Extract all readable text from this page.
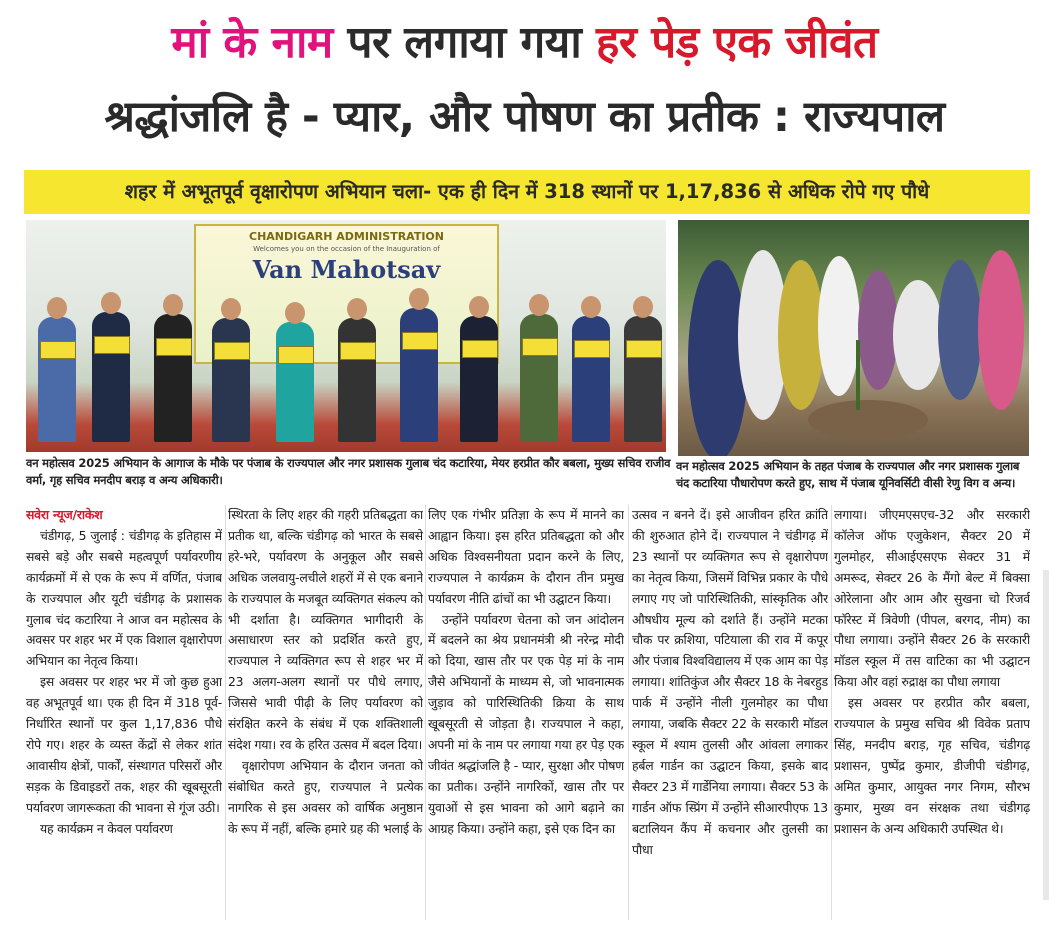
मां के नाम पर लगाया गया हर पेड़ एक जीवंत
श्रद्धांजलि है - प्यार, और पोषण का प्रतीक : राज्यपाल
शहर में अभूतपूर्व वृक्षारोपण अभियान चला- एक ही दिन में 318 स्थानों पर 1,17,836 से अधिक रोपे गए पौधे
CHANDIGARH ADMINISTRATION
Welcomes you on the occasion of the Inauguration of
Van Mahotsav
वन महोत्सव 2025 अभियान के आगाज के मौके पर पंजाब के राज्यपाल और नगर प्रशासक गुलाब चंद कटारिया, मेयर हरप्रीत कौर बबला, मुख्य सचिव राजीव वर्मा, गृह सचिव मनदीप बराड़ व अन्य अधिकारी।
वन महोत्सव 2025 अभियान के तहत पंजाब के राज्यपाल और नगर प्रशासक गुलाब चंद कटारिया पौधारोपण करते हुए, साथ में पंजाब यूनिवर्सिटी वीसी रेणु विग व अन्य।

सवेरा न्यूज/राकेश

चंडीगढ़, 5 जुलाई : चंडीगढ़ के इतिहास में सबसे बड़े और सबसे महत्वपूर्ण पर्यावरणीय कार्यक्रमों में से एक के रूप में वर्णित, पंजाब के राज्यपाल और यूटी चंडीगढ़ के प्रशासक गुलाब चंद कटारिया ने आज वन महोत्सव के अवसर पर शहर भर में एक विशाल वृक्षारोपण अभियान का नेतृत्व किया।

इस अवसर पर शहर भर में जो कुछ हुआ वह अभूतपूर्व था। एक ही दिन में 318 पूर्व-निर्धारित स्थानों पर कुल 1,17,836 पौधे रोपे गए। शहर के व्यस्त केंद्रों से लेकर शांत आवासीय क्षेत्रों, पार्कों, संस्थागत परिसरों और सड़क के डिवाइडरों तक, शहर की खूबसूरती पर्यावरण जागरूकता की भावना से गूंज उठी।

यह कार्यक्रम न केवल पर्यावरण

स्थिरता के लिए शहर की गहरी प्रतिबद्धता का प्रतीक था, बल्कि चंडीगढ़ को भारत के सबसे हरे-भरे, पर्यावरण के अनुकूल और सबसे अधिक जलवायु-लचीले शहरों में से एक बनाने के राज्यपाल के मजबूत व्यक्तिगत संकल्प को भी दर्शाता है। व्यक्तिगत भागीदारी के असाधारण स्तर को प्रदर्शित करते हुए, राज्यपाल ने व्यक्तिगत रूप से शहर भर में 23 अलग-अलग स्थानों पर पौधे लगाए, जिससे भावी पीढ़ी के लिए पर्यावरण को संरक्षित करने के संबंध में एक शक्तिशाली संदेश गया। रव के हरित उत्सव में बदल दिया।

वृक्षारोपण अभियान के दौरान जनता को संबोधित करते हुए, राज्यपाल ने प्रत्येक नागरिक से इस अवसर को वार्षिक अनुष्ठान के रूप में नहीं, बल्कि हमारे ग्रह की भलाई के

लिए एक गंभीर प्रतिज्ञा के रूप में मानने का आह्वान किया। इस हरित प्रतिबद्धता को और अधिक विश्वसनीयता प्रदान करने के लिए, राज्यपाल ने कार्यक्रम के दौरान तीन प्रमुख पर्यावरण नीति ढांचों का भी उद्घाटन किया।

उन्होंने पर्यावरण चेतना को जन आंदोलन में बदलने का श्रेय प्रधानमंत्री श्री नरेन्द्र मोदी को दिया, खास तौर पर एक पेड़ मां के नाम जैसे अभियानों के माध्यम से, जो भावनात्मक जुड़ाव को पारिस्थितिकी क्रिया के साथ खूबसूरती से जोड़ता है। राज्यपाल ने कहा, अपनी मां के नाम पर लगाया गया हर पेड़ एक जीवंत श्रद्धांजलि है - प्यार, सुरक्षा और पोषण का प्रतीक। उन्होंने नागरिकों, खास तौर पर युवाओं से इस भावना को आगे बढ़ाने का आग्रह किया। उन्होंने कहा, इसे एक दिन का

उत्सव न बनने दें। इसे आजीवन हरित क्रांति की शुरुआत होने दें। राज्यपाल ने चंडीगढ़ में 23 स्थानों पर व्यक्तिगत रूप से वृक्षारोपण का नेतृत्व किया, जिसमें विभिन्न प्रकार के पौधे लगाए गए जो पारिस्थितिकी, सांस्कृतिक और औषधीय मूल्य को दर्शाते हैं। उन्होंने मटका चौक पर क्रशिया, पटियाला की राव में कपूर और पंजाब विश्वविद्यालय में एक आम का पेड़ लगाया। शांतिकुंज और सैक्टर 18 के नेबरहुड पार्क में उन्होंने नीली गुलमोहर का पौधा लगाया, जबकि सैक्टर 22 के सरकारी मॉडल स्कूल में श्याम तुलसी और आंवला लगाकर हर्बल गार्डन का उद्घाटन किया, इसके बाद सैक्टर 23 में गार्डेनिया लगाया। सैक्टर 53 के गार्डन ऑफ स्प्रिंग में उन्होंने सीआरपीएफ 13 बटालियन कैंप में कचनार और तुलसी का पौधा

लगाया। जीएमएसएच-32 और सरकारी कॉलेज ऑफ एजुकेशन, सैक्टर 20 में गुलमोहर, सीआईएसएफ सेक्टर 31 में अमरूद, सेक्टर 26 के मैंगो बेल्ट में बिक्सा ओरेलाना और आम और सुखना चो रिजर्व फॉरेस्ट में त्रिवेणी (पीपल, बरगद, नीम) का पौधा लगाया। उन्होंने सैक्टर 26 के सरकारी मॉडल स्कूल में तस वाटिका का भी उद्घाटन किया और वहां रुद्राक्ष का पौधा लगाया

इस अवसर पर हरप्रीत कौर बबला, राज्यपाल के प्रमुख सचिव श्री विवेक प्रताप सिंह, मनदीप बराड़, गृह सचिव, चंडीगढ़ प्रशासन, पुष्पेंद्र कुमार, डीजीपी चंडीगढ़, अमित कुमार, आयुक्त नगर निगम, सौरभ कुमार, मुख्य वन संरक्षक तथा चंडीगढ़ प्रशासन के अन्य अधिकारी उपस्थित थे।
